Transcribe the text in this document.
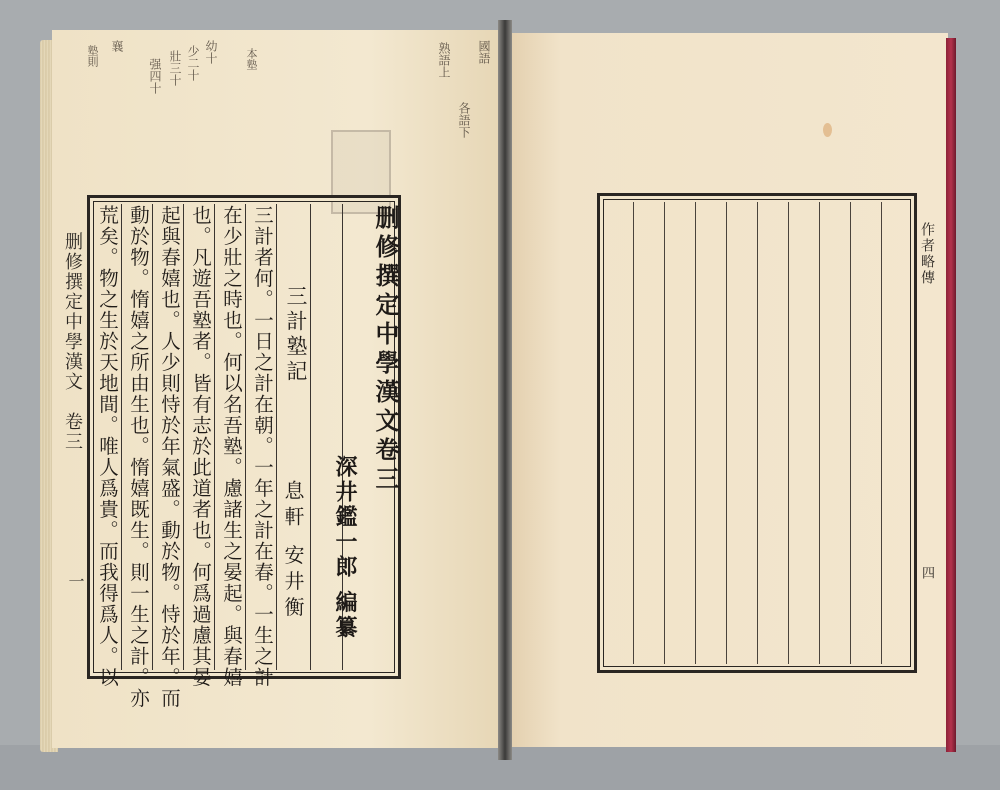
塾則 襄
强四十 壯三十 少二十 幼十 本塾	熟語上
各語下
國語
删修撰定中學漢文　卷三
一
删修撰定中學漢文卷三
深井鑑一郎 編纂
三計塾記
息軒 安井衡
三計者何。一日之計在朝。一年之計在春。一生之計
在少壯之時也。何以名吾塾。慮諸生之晏起。與春嬉
也。凡遊吾塾者。皆有志於此道者也。何爲過慮其晏
起與春嬉也。人少則恃於年氣盛。動於物。恃於年。而
動於物。惰嬉之所由生也。惰嬉既生。則一生之計。亦
荒矣。物之生於天地間。唯人爲貴。而我得爲人。以	作者略傳
四
